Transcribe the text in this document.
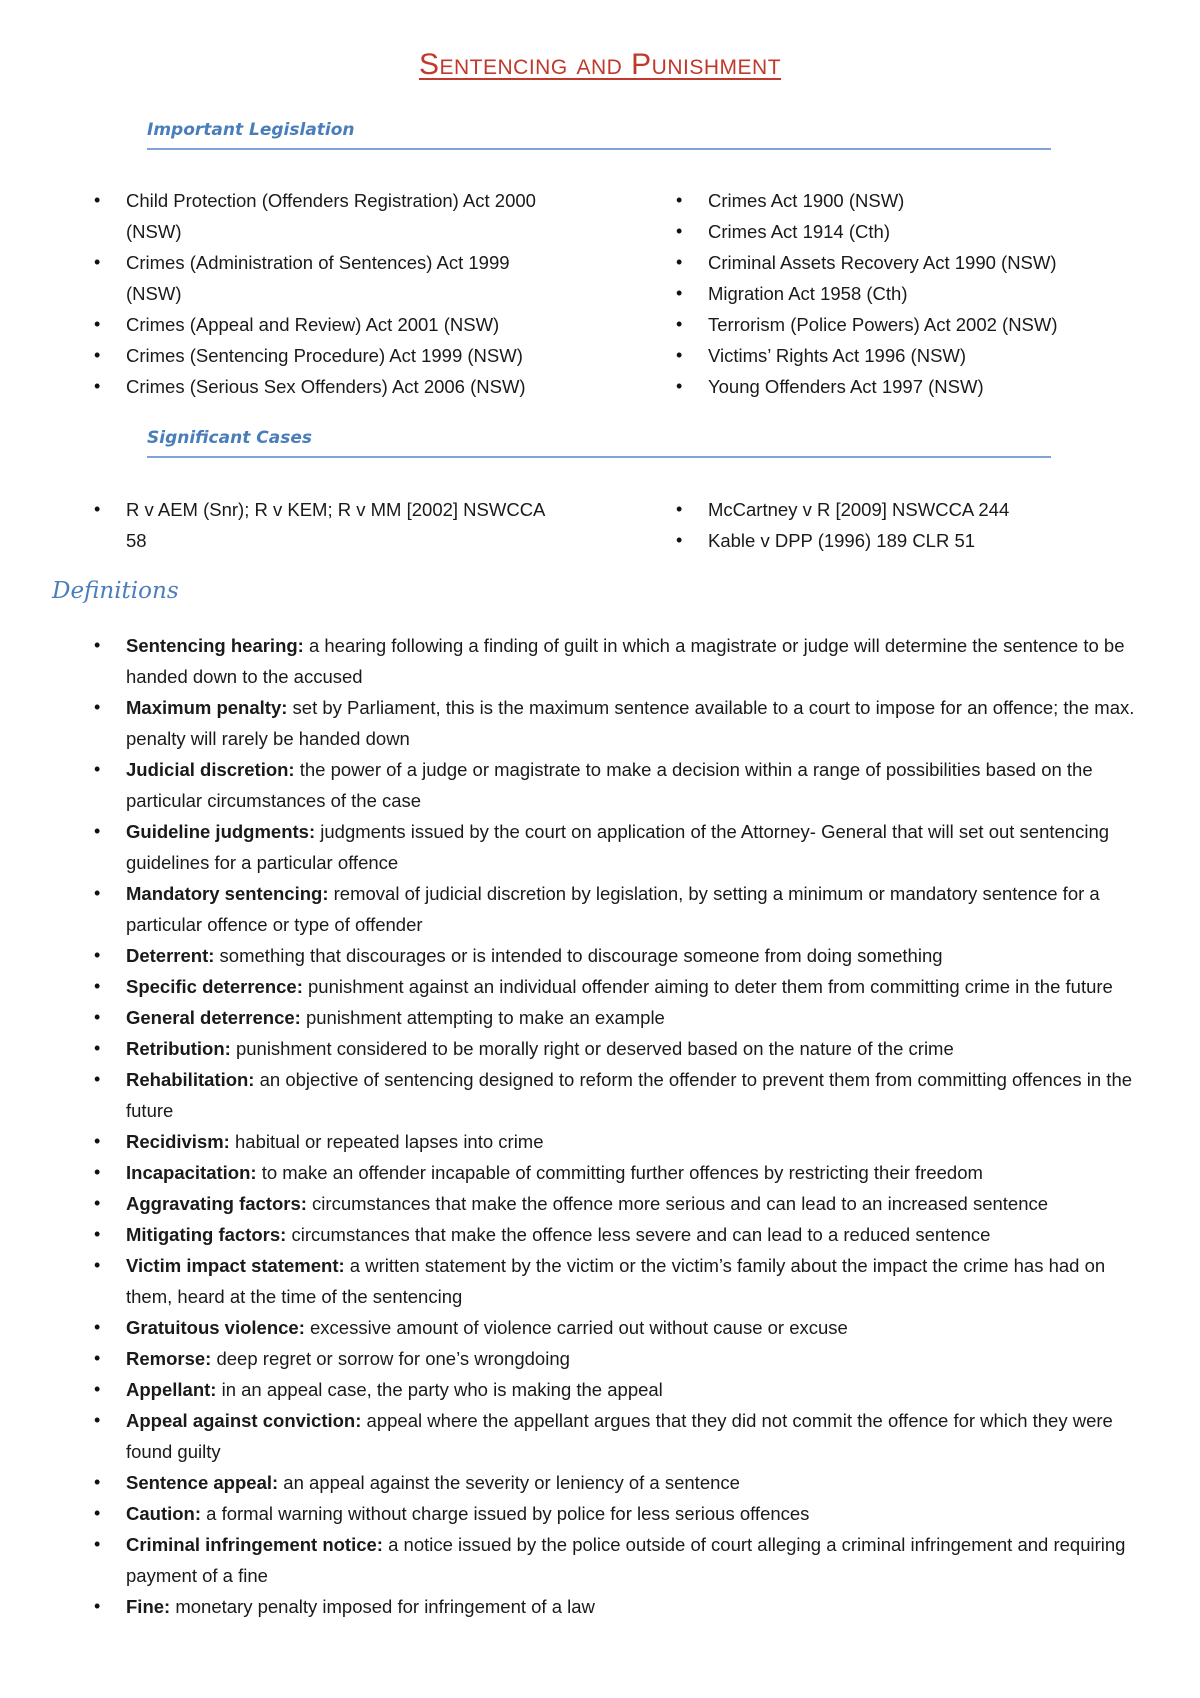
Sentencing and Punishment
Important Legislation
• Child Protection (Offenders Registration) Act 2000 (NSW)
• Crimes (Administration of Sentences) Act 1999 (NSW)
• Crimes (Appeal and Review) Act 2001 (NSW)
• Crimes (Sentencing Procedure) Act 1999 (NSW)
• Crimes (Serious Sex Offenders) Act 2006 (NSW)
• Crimes Act 1900 (NSW)
• Crimes Act 1914 (Cth)
• Criminal Assets Recovery Act 1990 (NSW)
• Migration Act 1958 (Cth)
• Terrorism (Police Powers) Act 2002 (NSW)
• Victims’ Rights Act 1996 (NSW)
• Young Offenders Act 1997 (NSW)
Significant Cases
• R v AEM (Snr); R v KEM; R v MM [2002] NSWCCA 58
• McCartney v R [2009] NSWCCA 244
• Kable v DPP (1996) 189 CLR 51
Definitions
• Sentencing hearing: a hearing following a finding of guilt in which a magistrate or judge will determine the sentence to be handed down to the accused
• Maximum penalty: set by Parliament, this is the maximum sentence available to a court to impose for an offence; the max. penalty will rarely be handed down
• Judicial discretion: the power of a judge or magistrate to make a decision within a range of possibilities based on the particular circumstances of the case
• Guideline judgments: judgments issued by the court on application of the Attorney- General that will set out sentencing guidelines for a particular offence
• Mandatory sentencing: removal of judicial discretion by legislation, by setting a minimum or mandatory sentence for a particular offence or type of offender
• Deterrent: something that discourages or is intended to discourage someone from doing something
• Specific deterrence: punishment against an individual offender aiming to deter them from committing crime in the future
• General deterrence: punishment attempting to make an example
• Retribution: punishment considered to be morally right or deserved based on the nature of the crime
• Rehabilitation: an objective of sentencing designed to reform the offender to prevent them from committing offences in the future
• Recidivism: habitual or repeated lapses into crime
• Incapacitation: to make an offender incapable of committing further offences by restricting their freedom
• Aggravating factors: circumstances that make the offence more serious and can lead to an increased sentence
• Mitigating factors: circumstances that make the offence less severe and can lead to a reduced sentence
• Victim impact statement: a written statement by the victim or the victim’s family about the impact the crime has had on them, heard at the time of the sentencing
• Gratuitous violence: excessive amount of violence carried out without cause or excuse
• Remorse: deep regret or sorrow for one’s wrongdoing
• Appellant: in an appeal case, the party who is making the appeal
• Appeal against conviction: appeal where the appellant argues that they did not commit the offence for which they were found guilty
• Sentence appeal: an appeal against the severity or leniency of a sentence
• Caution: a formal warning without charge issued by police for less serious offences
• Criminal infringement notice: a notice issued by the police outside of court alleging a criminal infringement and requiring payment of a fine
• Fine: monetary penalty imposed for infringement of a law
